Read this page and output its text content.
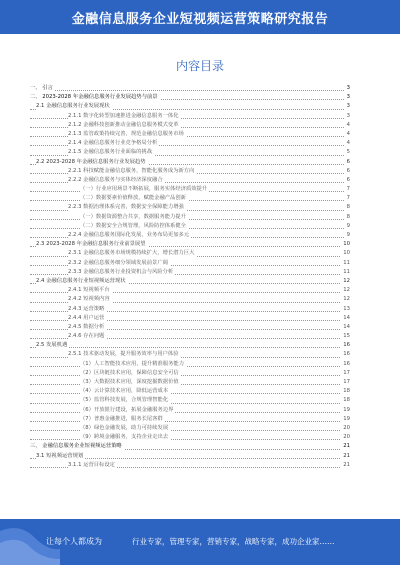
金融信息服务企业短视频运营策略研究报告
内容目录
一、 引言	3
二、 2023-2028 年金融信息服务行业发展趋势与前景	3
2.1 金融信息服务行业发展现状	3
2.1.1 数字化转型加速推进金融信息服务一体化	3
2.1.2 金融科技创新推动金融信息服务模式变革	4
2.1.3 监管政策持续完善，规范金融信息服务市场	4
2.1.4 金融信息服务行业竞争格局分析	4
2.1.5 金融信息服务行业面临的挑战	5
2.2 2023-2028 年金融信息服务行业发展趋势	6
2.2.1 科技赋能金融信息服务，智能化服务成为新方向	6
2.2.2 金融信息服务与实体经济深度融合	6
（一）行业应用场景不断拓展，服务实体经济质效提升	7
（二）数据要素价值释放，赋能金融产品创新	7
2.2.3 数据治理体系完善，数据安全保障能力增强	8
（一）数据资源整合共享，数据服务能力提升	8
（二）数据安全合规管理，风险防控体系健全	9
2.2.4 金融信息服务国际化发展，业务布局更加多元	9
2.3 2023-2028 年金融信息服务行业前景展望	10
2.3.1 金融信息服务市场规模持续扩大，增长潜力巨大	10
2.3.2 金融信息服务细分领域发展前景广阔	11
2.3.3 金融信息服务行业投资机会与风险分析	11
2.4 金融信息服务行业短视频运营现状	12
2.4.1 短视频平台	12
2.4.2 短视频内容	12
2.4.3 运营策略	13
2.4.4 用户运营	14
2.4.5 数据分析	14
2.4.6 存在问题	15
2.5 发展机遇	16
2.5.1 技术驱动发展，提升服务效率与用户体验	16
（1）人工智能技术应用，提升精准服务能力	16
（2）区块链技术应用，保障信息安全可信	17
（3）大数据技术应用，深度挖掘数据价值	17
（4）云计算技术应用，降低运营成本	18
（5）监管科技发展，合规管理智能化	18
（6）开放银行建设，拓展金融服务边界	19
（7）普惠金融推进，服务长尾客群	19
（8）绿色金融发展，助力可持续发展	20
（9）跨境金融服务，支持企业走出去	20
三、 金融信息服务企业短视频运营策略	21
3.1 短视频运营规划	21
3.1.1 运营目标设定	21
让每个人都成为	行业专家，管理专家，营销专家，战略专家，成功企业家……
